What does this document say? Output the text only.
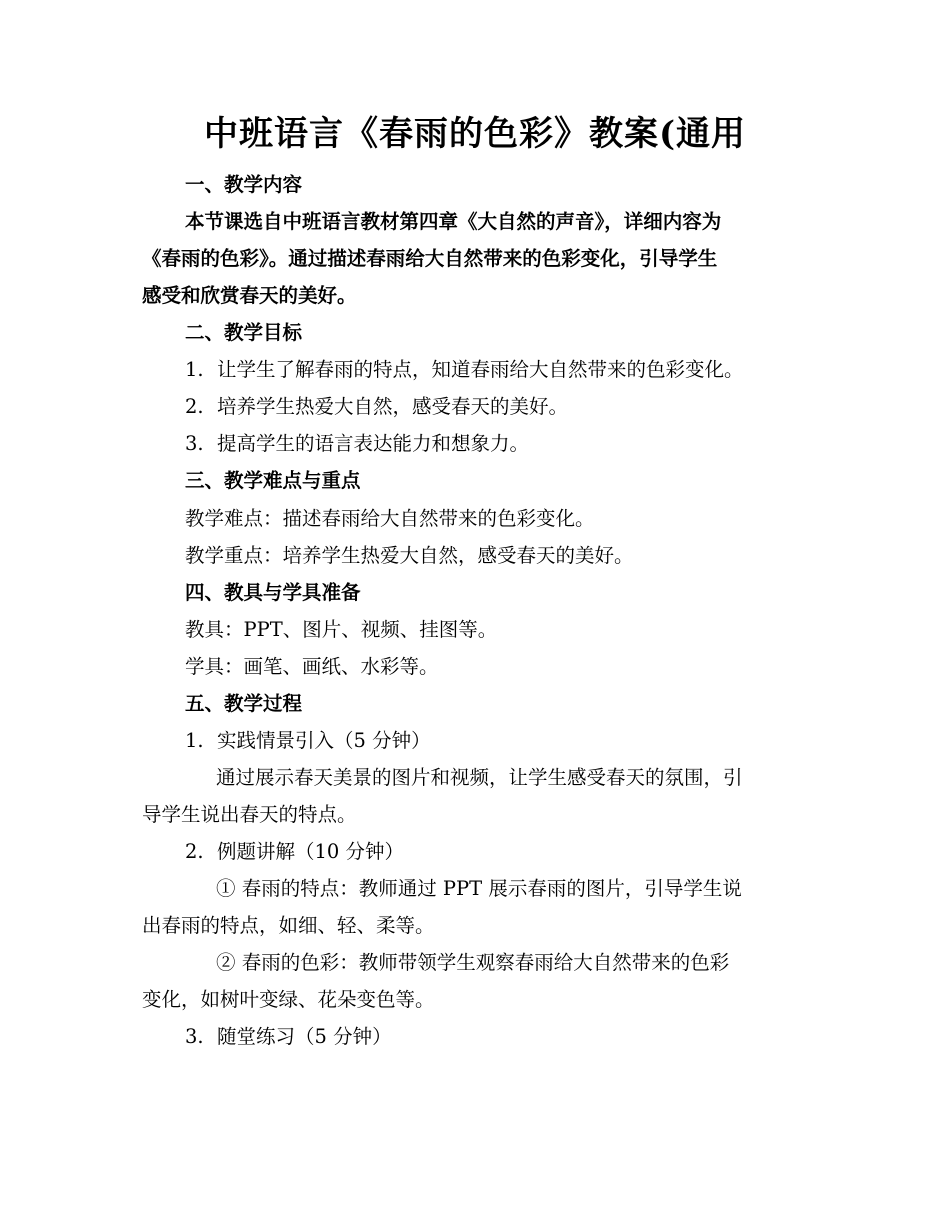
中班语言《春雨的色彩》教案(通用
一、教学内容
本节课选自中班语言教材第四章《大自然的声音》，详细内容为
《春雨的色彩》。通过描述春雨给大自然带来的色彩变化，引导学生
感受和欣赏春天的美好。
二、教学目标
1. 让学生了解春雨的特点，知道春雨给大自然带来的色彩变化。
2. 培养学生热爱大自然，感受春天的美好。
3. 提高学生的语言表达能力和想象力。
三、教学难点与重点
教学难点：描述春雨给大自然带来的色彩变化。
教学重点：培养学生热爱大自然，感受春天的美好。
四、教具与学具准备
教具：PPT、图片、视频、挂图等。
学具：画笔、画纸、水彩等。
五、教学过程
1. 实践情景引入（5 分钟）
通过展示春天美景的图片和视频，让学生感受春天的氛围，引
导学生说出春天的特点。
2. 例题讲解（10 分钟）
① 春雨的特点：教师通过 PPT 展示春雨的图片，引导学生说
出春雨的特点，如细、轻、柔等。
② 春雨的色彩：教师带领学生观察春雨给大自然带来的色彩
变化，如树叶变绿、花朵变色等。
3. 随堂练习（5 分钟）
